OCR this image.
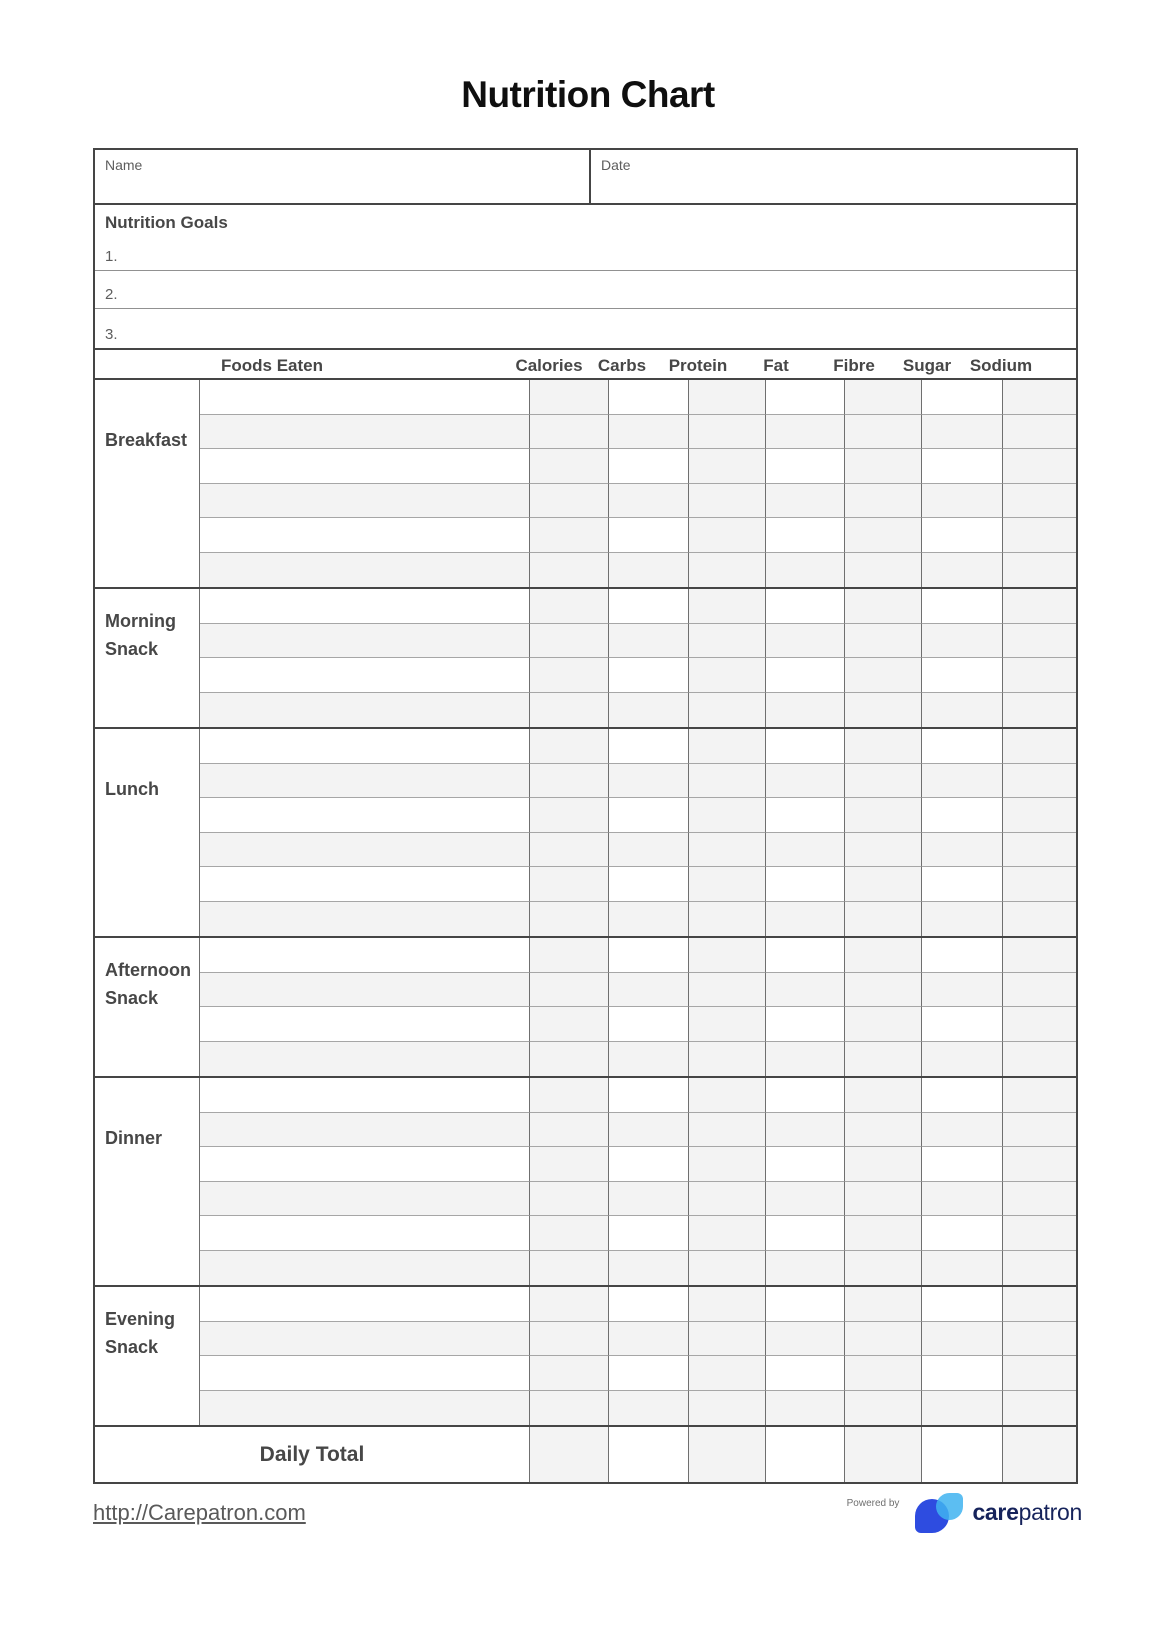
Nutrition Chart
Name	Date
Nutrition Goals
1.
2.
3.
Foods Eaten	Calories Carbs Protein Fat	Fibre Sugar Sodium
Breakfast
Morning Snack
Lunch
Afternoon Snack
Dinner
Evening Snack
Daily Total
http://Carepatron.com	Powered by	carepatron
